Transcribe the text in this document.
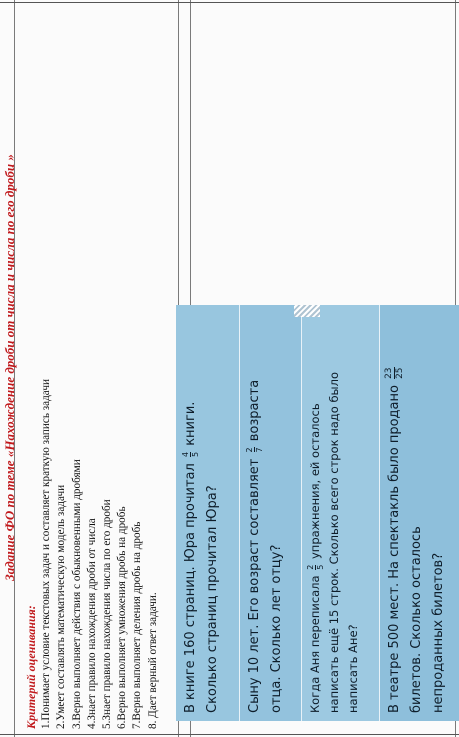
Задание ФО по теме «Нахождение дроби от числа и числа по его дроби »
Критерий оценивания: 1.Понимает условие текстовых задач и составляет краткую запись задачи 2.Умеет составлять математическую модель задачи 3.Верно выполняет действия с обыкновенными дробями 4.Знает правило нахождения дроби от числа 5.Знает правило нахождения числа по его дроби 6.Верно выполняет умножения дробь на дробь 7.Верно выполняет деления дробь на дробь 8. Дает верный ответ задачи. В книге 160 страниц. Юра прочитал
4 5
книги.
Сколько страниц прочитал Юра?	Сыну 10 лет. Его возраст составляет
2 7
возраста
отца. Сколько лет отцу?	Когда Аня переписала
2 5
упражнения, ей осталось написать ещё 15 строк. Сколько всего строк надо было написать Ане? В театре 500 мест. На спектакль было продано
23 25
билетов. Сколько осталось непроданных билетов?
